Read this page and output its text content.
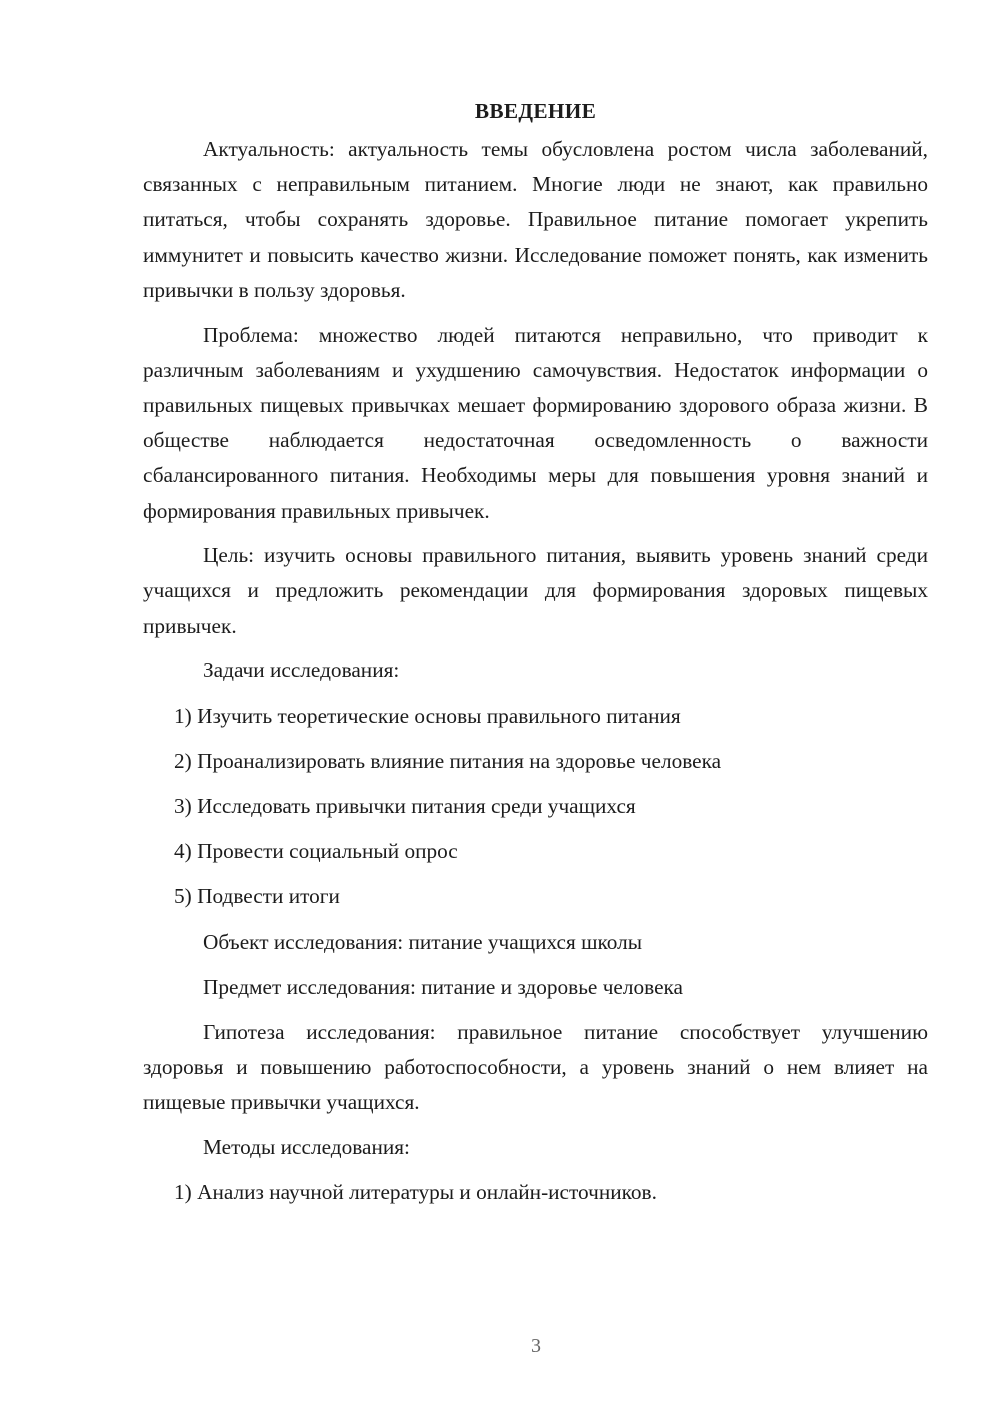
ВВЕДЕНИЕ

Актуальность: актуальность темы обусловлена ростом числа заболеваний, связанных с неправильным питанием. Многие люди не знают, как правильно питаться, чтобы сохранять здоровье. Правильное питание помогает укрепить иммунитет и повысить качество жизни. Исследование поможет понять, как изменить привычки в пользу здоровья.

Проблема: множество людей питаются неправильно, что приводит к различным заболеваниям и ухудшению самочувствия. Недостаток информации о правильных пищевых привычках мешает формированию здорового образа жизни. В обществе наблюдается недостаточная осведомленность о важности сбалансированного питания. Необходимы меры для повышения уровня знаний и формирования правильных привычек.

Цель: изучить основы правильного питания, выявить уровень знаний среди учащихся и предложить рекомендации для формирования здоровых пищевых привычек.

Задачи исследования:

1) Изучить теоретические основы правильного питания
2) Проанализировать влияние питания на здоровье человека
3) Исследовать привычки питания среди учащихся
4) Провести социальный опрос
5) Подвести итоги

Объект исследования: питание учащихся школы

Предмет исследования: питание и здоровье человека

Гипотеза исследования: правильное питание способствует улучшению здоровья и повышению работоспособности, а уровень знаний о нем влияет на пищевые привычки учащихся.

Методы исследования:

1) Анализ научной литературы и онлайн-источников.
3
